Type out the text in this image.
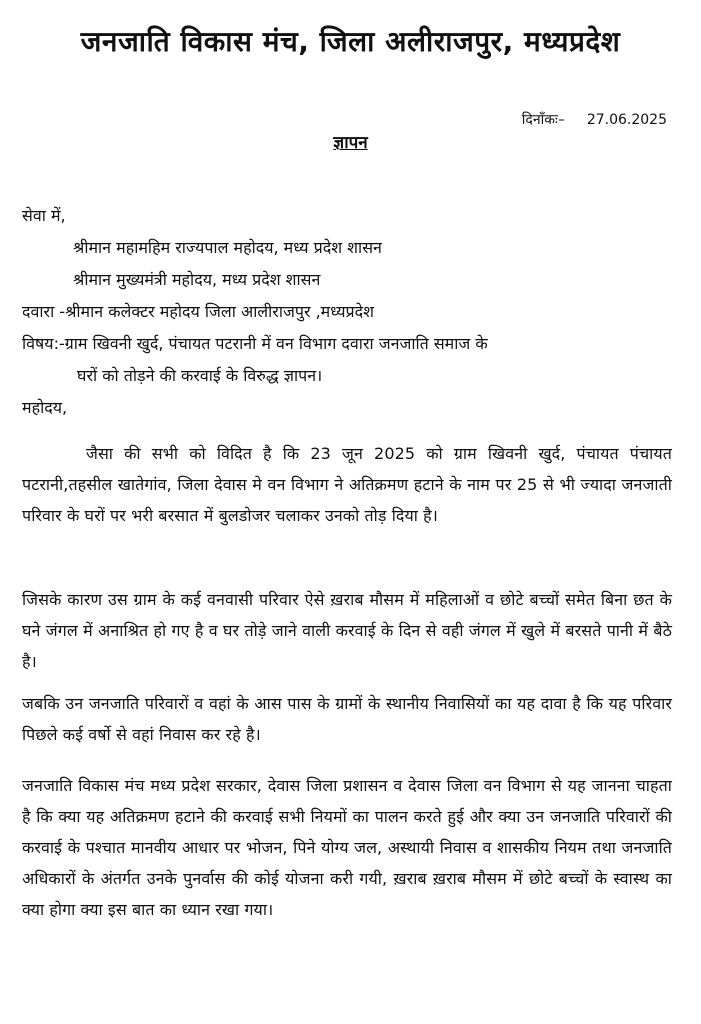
जनजाति विकास मंच, जिला अलीराजपुर, मध्यप्रदेश
दिनाँकः– 27.06.2025
ज्ञापन
सेवा में,
श्रीमान महामहिम राज्यपाल महोदय, मध्य प्रदेश शासन
श्रीमान मुख्यमंत्री महोदय, मध्य प्रदेश शासन
दवारा -श्रीमान कलेक्टर महोदय जिला आलीराजपुर ,मध्यप्रदेश
विषय:-ग्राम खिवनी खुर्द, पंचायत पटरानी में वन विभाग दवारा जनजाति समाज के
घरों को तोड़ने की करवाई के विरुद्ध ज्ञापन।
महोदय,
जैसा की सभी को विदित है कि 23 जून 2025 को ग्राम खिवनी खुर्द, पंचायत पंचायत पटरानी,तहसील खातेगांव, जिला देवास मे वन विभाग ने अतिक्रमण हटाने के नाम पर 25 से भी ज्यादा जनजाती परिवार के घरों पर भरी बरसात में बुलडोजर चलाकर उनको तोड़ दिया है।
जिसके कारण उस ग्राम के कई वनवासी परिवार ऐसे ख़राब मौसम में महिलाओं व छोटे बच्चों समेत बिना छत के घने जंगल में अनाश्रित हो गए है व घर तोड़े जाने वाली करवाई के दिन से वही जंगल में खुले में बरसते पानी में बैठे है।
जबकि उन जनजाति परिवारों व वहां के आस पास के ग्रामों के स्थानीय निवासियों का यह दावा है कि यह परिवार पिछले कई वर्षो से वहां निवास कर रहे है।
जनजाति विकास मंच मध्य प्रदेश सरकार, देवास जिला प्रशासन व देवास जिला वन विभाग से यह जानना चाहता है कि क्या यह अतिक्रमण हटाने की करवाई सभी नियमों का पालन करते हुई और क्या उन जनजाति परिवारों की करवाई के पश्चात मानवीय आधार पर भोजन, पिने योग्य जल, अस्थायी निवास व शासकीय नियम तथा जनजाति अधिकारों के अंतर्गत उनके पुनर्वास की कोई योजना करी गयी, ख़राब ख़राब मौसम में छोटे बच्चों के स्वास्थ का क्या होगा क्या इस बात का ध्यान रखा गया।
